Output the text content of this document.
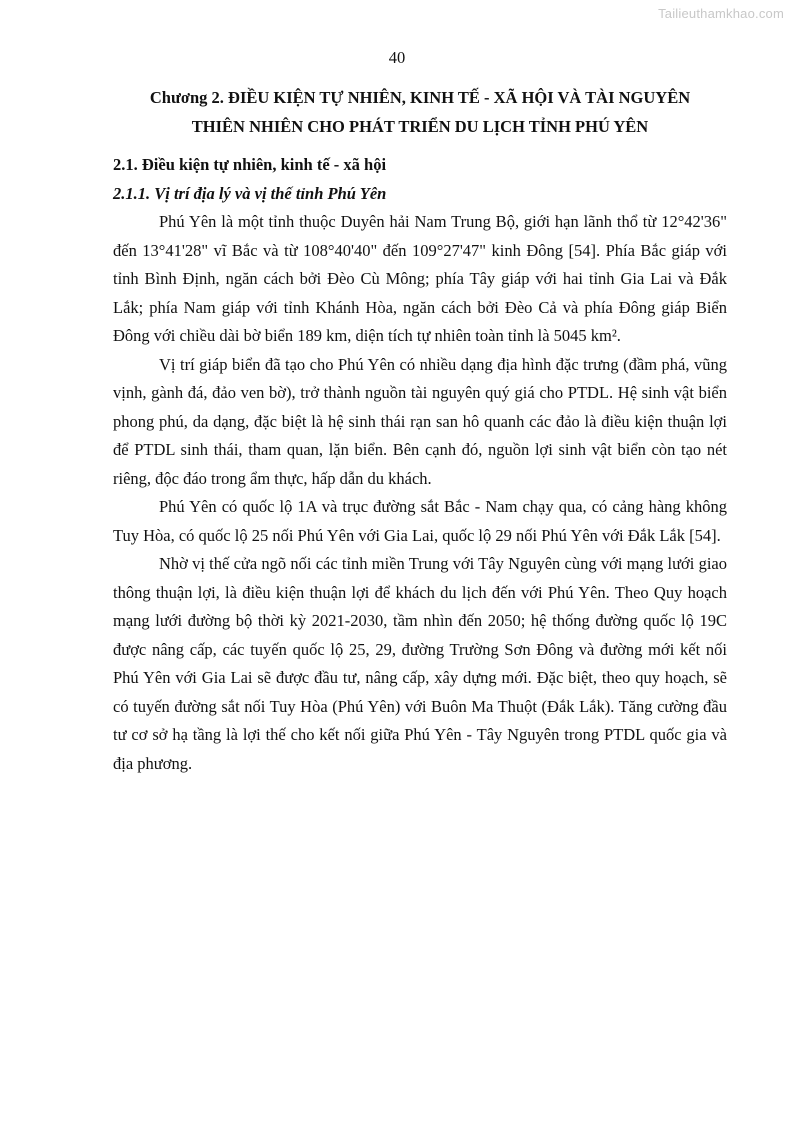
Tailieuthamkhao.com
40
Chương 2. ĐIỀU KIỆN TỰ NHIÊN, KINH TẾ - XÃ HỘI VÀ TÀI NGUYÊN
THIÊN NHIÊN CHO PHÁT TRIỂN DU LỊCH TỈNH PHÚ YÊN
2.1. Điều kiện tự nhiên, kinh tế - xã hội
2.1.1. Vị trí địa lý và vị thế tỉnh Phú Yên

Phú Yên là một tỉnh thuộc Duyên hải Nam Trung Bộ, giới hạn lãnh thổ từ 12°42'36" đến 13°41'28" vĩ Bắc và từ 108°40'40" đến 109°27'47" kinh Đông [54]. Phía Bắc giáp với tỉnh Bình Định, ngăn cách bởi Đèo Cù Mông; phía Tây giáp với hai tỉnh Gia Lai và Đắk Lắk; phía Nam giáp với tỉnh Khánh Hòa, ngăn cách bởi Đèo Cả và phía Đông giáp Biển Đông với chiều dài bờ biển 189 km, diện tích tự nhiên toàn tỉnh là 5045 km².

Vị trí giáp biển đã tạo cho Phú Yên có nhiều dạng địa hình đặc trưng (đầm phá, vũng vịnh, gành đá, đảo ven bờ), trở thành nguồn tài nguyên quý giá cho PTDL. Hệ sinh vật biển phong phú, da dạng, đặc biệt là hệ sinh thái rạn san hô quanh các đảo là điều kiện thuận lợi để PTDL sinh thái, tham quan, lặn biển. Bên cạnh đó, nguồn lợi sinh vật biển còn tạo nét riêng, độc đáo trong ẩm thực, hấp dẫn du khách.

Phú Yên có quốc lộ 1A và trục đường sắt Bắc - Nam chạy qua, có cảng hàng không Tuy Hòa, có quốc lộ 25 nối Phú Yên với Gia Lai, quốc lộ 29 nối Phú Yên với Đắk Lắk [54].

Nhờ vị thế cửa ngõ nối các tỉnh miền Trung với Tây Nguyên cùng với mạng lưới giao thông thuận lợi, là điều kiện thuận lợi để khách du lịch đến với Phú Yên. Theo Quy hoạch mạng lưới đường bộ thời kỳ 2021-2030, tầm nhìn đến 2050; hệ thống đường quốc lộ 19C được nâng cấp, các tuyến quốc lộ 25, 29, đường Trường Sơn Đông và đường mới kết nối Phú Yên với Gia Lai sẽ được đầu tư, nâng cấp, xây dựng mới. Đặc biệt, theo quy hoạch, sẽ có tuyến đường sắt nối Tuy Hòa (Phú Yên) với Buôn Ma Thuột (Đắk Lắk). Tăng cường đầu tư cơ sở hạ tầng là lợi thế cho kết nối giữa Phú Yên - Tây Nguyên trong PTDL quốc gia và địa phương.
